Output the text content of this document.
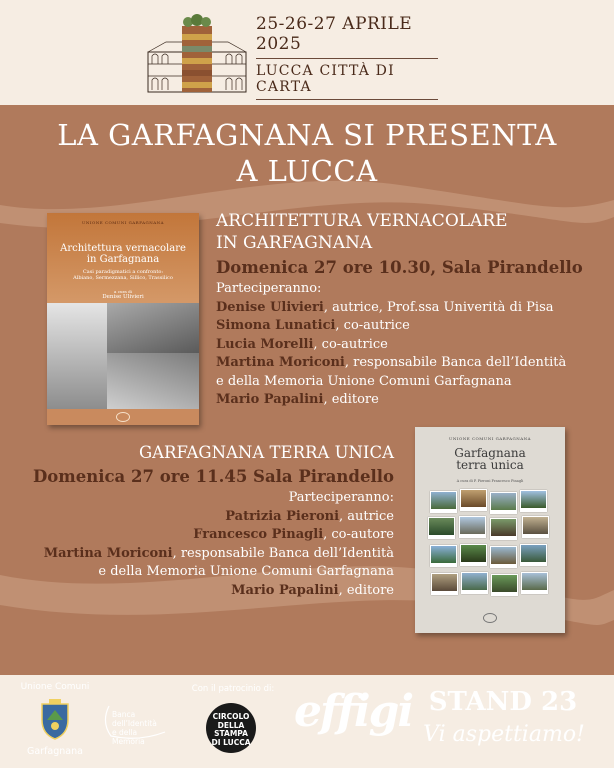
25-26-27 APRILE 2025
LUCCA CITTÀ DI CARTA
LA GARFAGNANA SI PRESENTA
A LUCCA
UNIONE COMUNI GARFAGNANA
Architettura vernacolare
in Garfagnana
Casi paradigmatici a confronto:
Albiano, Sermezzana, Sillico, Trassilico
a cura di
Denise Ulivieri
ARCHITETTURA VERNACOLARE
IN GARFAGNANA
Domenica 27 ore 10.30, Sala Pirandello
Parteciperanno:
Denise Ulivieri, autrice, Prof.ssa Univerità di Pisa
Simona Lunatici, co-autrice
Lucia Morelli, co-autrice
Martina Moriconi, responsabile Banca dell’Identità
e della Memoria Unione Comuni Garfagnana
Mario Papalini, editore
GARFAGNANA TERRA UNICA
Domenica 27 ore 11.45 Sala Pirandello
Parteciperanno:
Patrizia Pieroni, autrice
Francesco Pinagli, co-autore
Martina Moriconi, responsabile Banca dell’Identità
e della Memoria Unione Comuni Garfagnana
Mario Papalini, editore
UNIONE COMUNI GARFAGNANA
Garfagnana
terra unica
A cura di P. Pieroni Francesco Pinagli
Unione Comuni
Garfagnana
Banca dell’Identità
e della Memoria
Con il patrocinio di:
CIRCOLO
DELLA
STAMPA
DI LUCCA
effigi STAND 23
Vi aspettiamo!
